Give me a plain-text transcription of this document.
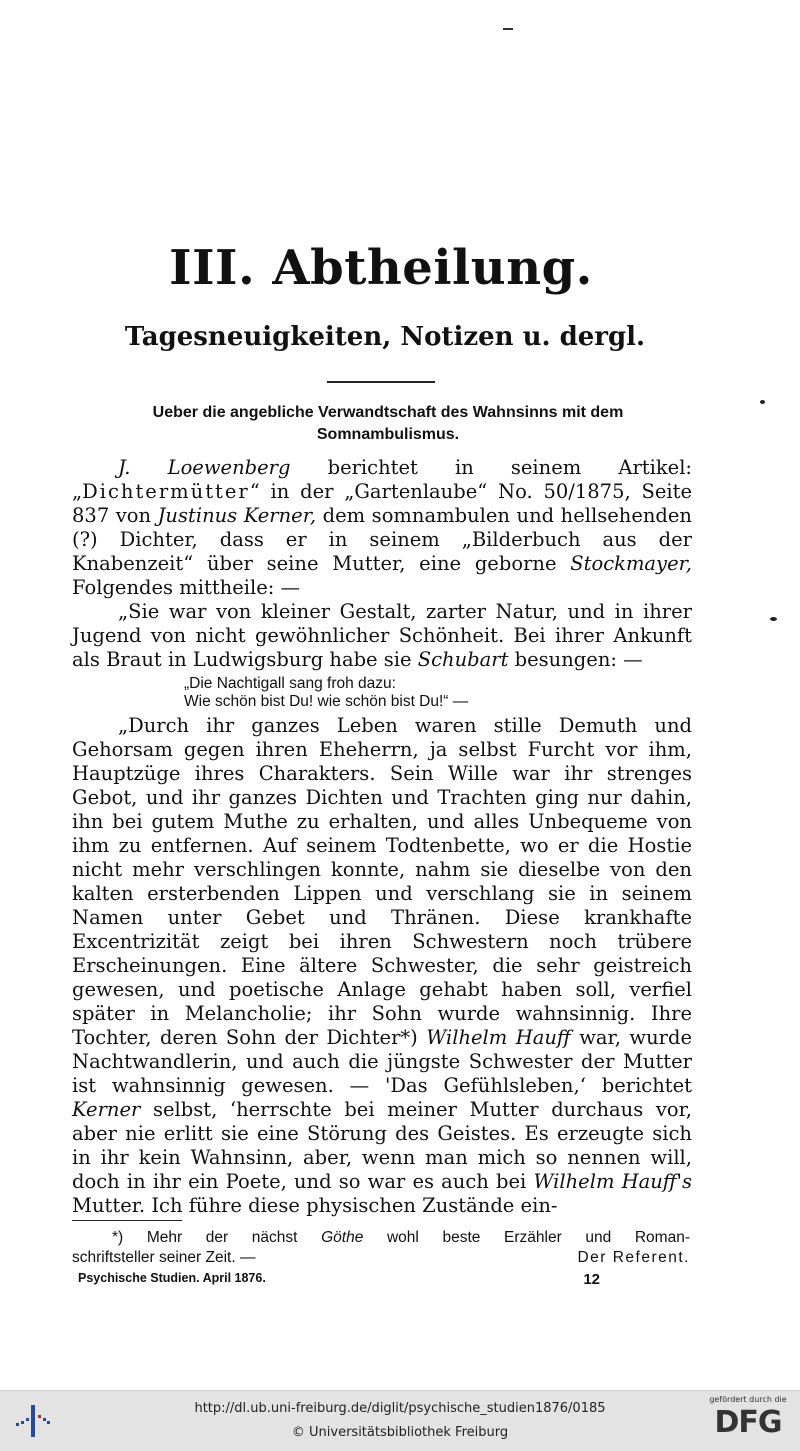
III. Abtheilung.
Tagesneuigkeiten, Notizen u. dergl.
Ueber die angebliche Verwandtschaft des Wahnsinns mit dem
Somnambulismus.

J. Loewenberg berichtet in seinem Artikel: „Dichtermütter“ in der „Gartenlaube“ No. 50/1875, Seite 837 von Justinus Kerner, dem somnambulen und hellsehenden (?) Dichter, dass er in seinem „Bilderbuch aus der Knabenzeit“ über seine Mutter, eine geborne Stockmayer, Folgendes mittheile: —

„Sie war von kleiner Gestalt, zarter Natur, und in ihrer Jugend von nicht gewöhnlicher Schönheit. Bei ihrer Ankunft als Braut in Ludwigsburg habe sie Schubart besungen: —

„Die Nachtigall sang froh dazu:
Wie schön bist Du! wie schön bist Du!“ —

„Durch ihr ganzes Leben waren stille Demuth und Gehorsam gegen ihren Eheherrn, ja selbst Furcht vor ihm, Hauptzüge ihres Charakters. Sein Wille war ihr strenges Gebot, und ihr ganzes Dichten und Trachten ging nur dahin, ihn bei gutem Muthe zu erhalten, und alles Unbequeme von ihm zu entfernen. Auf seinem Todtenbette, wo er die Hostie nicht mehr verschlingen konnte, nahm sie dieselbe von den kalten ersterbenden Lippen und verschlang sie in seinem Namen unter Gebet und Thränen. Diese krankhafte Excentrizität zeigt bei ihren Schwestern noch trübere Erscheinungen. Eine ältere Schwester, die sehr geistreich gewesen, und poetische Anlage gehabt haben soll, verfiel später in Melancholie; ihr Sohn wurde wahnsinnig. Ihre Tochter, deren Sohn der Dichter*) Wilhelm Hauff war, wurde Nachtwandlerin, und auch die jüngste Schwester der Mutter ist wahnsinnig gewesen. — 'Das Gefühlsleben,‘ berichtet Kerner selbst, ‘herrschte bei meiner Mutter durchaus vor, aber nie erlitt sie eine Störung des Geistes. Es erzeugte sich in ihr kein Wahnsinn, aber, wenn man mich so nennen will, doch in ihr ein Poete, und so war es auch bei Wilhelm Hauff's Mutter. Ich führe diese physischen Zustände ein-

*) Mehr der nächst Göthe wohl beste Erzähler und Roman-

schriftsteller seiner Zeit. —	Der Referent.

Psychische Studien. April 1876.	12
http://dl.ub.uni-freiburg.de/diglit/psychische_studien1876/0185
© Universitätsbibliothek Freiburg
gefördert durch die
DFG
